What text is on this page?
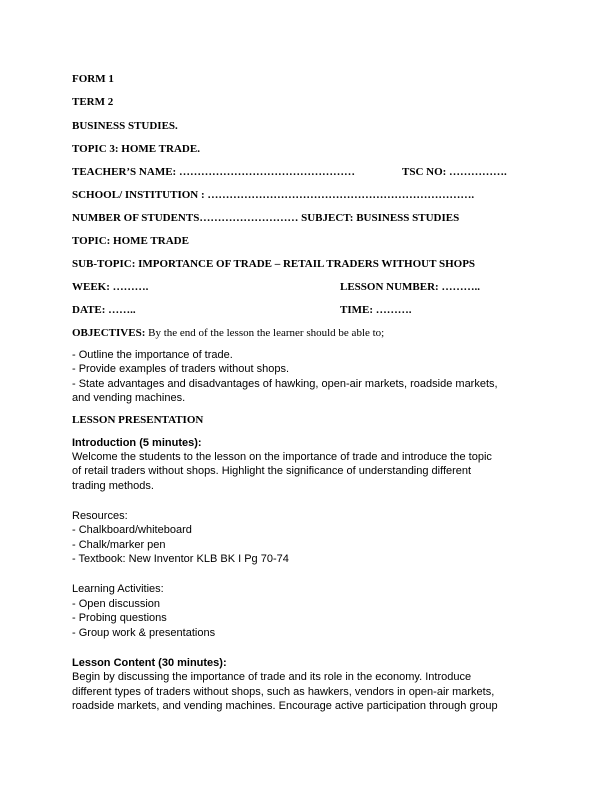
FORM 1
TERM 2
BUSINESS STUDIES.
TOPIC 3: HOME TRADE.
TEACHER’S NAME: …………………………………………	TSC NO: …………….
SCHOOL/ INSTITUTION : ……………………………………………………………….
NUMBER OF STUDENTS……………………… SUBJECT: BUSINESS STUDIES
TOPIC: HOME TRADE
SUB-TOPIC: IMPORTANCE OF TRADE – RETAIL TRADERS WITHOUT SHOPS
WEEK: ……….	LESSON NUMBER: ………..
DATE: ……..	TIME: ……….
OBJECTIVES: By the end of the lesson the learner should be able to;
- Outline the importance of trade.
- Provide examples of traders without shops.
- State advantages and disadvantages of hawking, open-air markets, roadside markets,
and vending machines.
LESSON PRESENTATION
Introduction (5 minutes):
Welcome the students to the lesson on the importance of trade and introduce the topic
of retail traders without shops. Highlight the significance of understanding different
trading methods.
Resources:
- Chalkboard/whiteboard
- Chalk/marker pen
- Textbook: New Inventor KLB BK I Pg 70-74
Learning Activities:
- Open discussion
- Probing questions
- Group work & presentations
Lesson Content (30 minutes):
Begin by discussing the importance of trade and its role in the economy. Introduce
different types of traders without shops, such as hawkers, vendors in open-air markets,
roadside markets, and vending machines. Encourage active participation through group
